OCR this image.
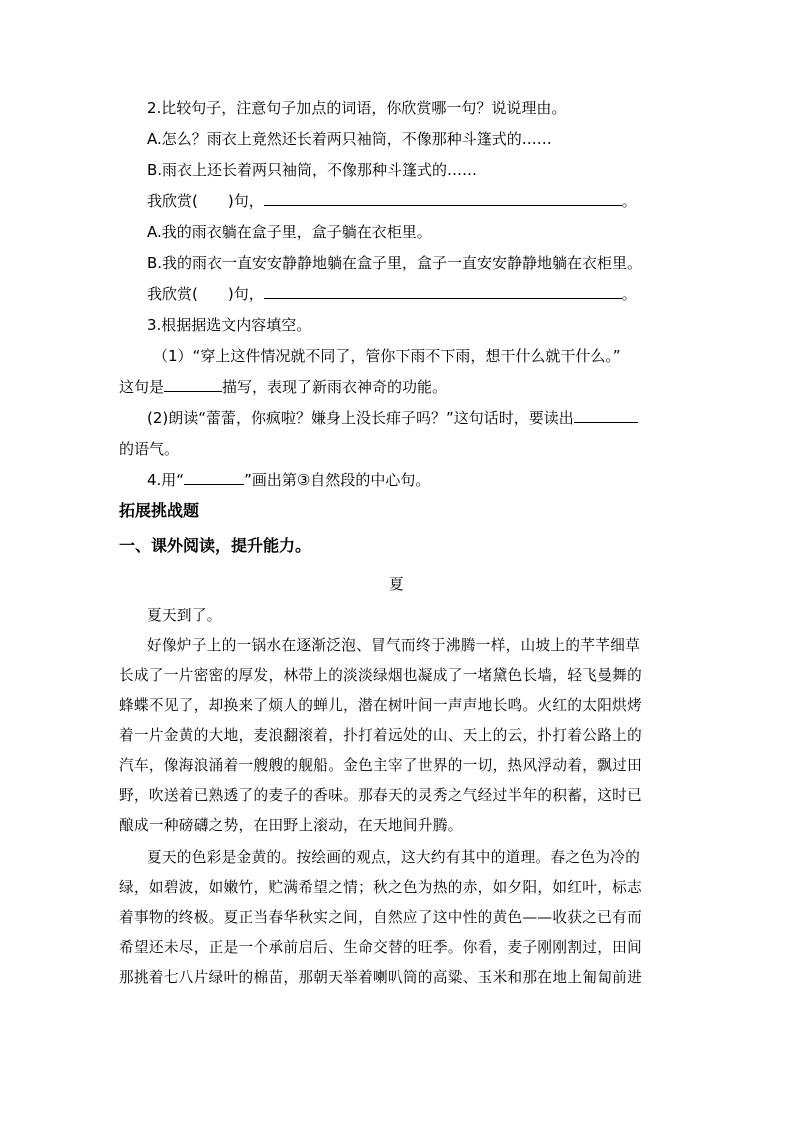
2.比较句子，注意句子加点的词语，你欣赏哪一句？说说理由。
A.怎么？雨衣上竟然还长着两只袖筒，不像那种斗篷式的……
B.雨衣上还长着两只袖筒，不像那种斗篷式的……
我欣赏( )句，	。
A.我的雨衣躺在盒子里，盒子躺在衣柜里。
B.我的雨衣一直安安静静地躺在盒子里，盒子一直安安静静地躺在衣柜里。
我欣赏( )句，	。
3.根据据选文内容填空。
（1）“穿上这件情况就不同了，管你下雨不下雨，想干什么就干什么。”
这句是	描写，表现了新雨衣神奇的功能。
(2)朗读“蕾蕾，你疯啦？嫌身上没长痱子吗？”这句话时，要读出
的语气。
4.用“	”画出第③自然段的中心句。
拓展挑战题
一、课外阅读，提升能力。
夏
夏天到了。
好像炉子上的一锅水在逐渐泛泡、冒气而终于沸腾一样，山坡上的芊芊细草
长成了一片密密的厚发，林带上的淡淡绿烟也凝成了一堵黛色长墙，轻飞曼舞的
蜂蝶不见了，却换来了烦人的蝉儿，潜在树叶间一声声地长鸣。火红的太阳烘烤
着一片金黄的大地，麦浪翻滚着，扑打着远处的山、天上的云，扑打着公路上的
汽车，像海浪涌着一艘艘的舰船。金色主宰了世界的一切，热风浮动着，飘过田
野，吹送着已熟透了的麦子的香味。那春天的灵秀之气经过半年的积蓄，这时已
酿成一种磅礴之势，在田野上滚动，在天地间升腾。
夏天的色彩是金黄的。按绘画的观点，这大约有其中的道理。春之色为冷的
绿，如碧波，如嫩竹，贮满希望之情；秋之色为热的赤，如夕阳，如红叶，标志
着事物的终极。夏正当春华秋实之间，自然应了这中性的黄色——收获之已有而
希望还未尽，正是一个承前启后、生命交替的旺季。你看，麦子刚刚割过，田间
那挑着七八片绿叶的棉苗，那朝天举着喇叭筒的高粱、玉米和那在地上匍匐前进
